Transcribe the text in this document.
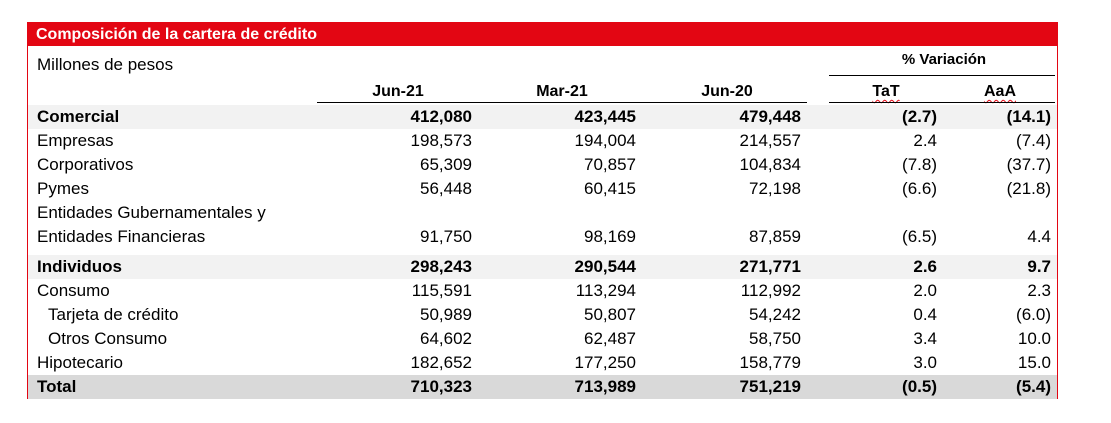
Composición de la cartera de crédito
Millones de pesos	% Variación
Jun-21	Mar-21	Jun-20	TaT	AaA
Comercial	412,080	423,445	479,448	(2.7)	(14.1)
Empresas	198,573	194,004	214,557	2.4	(7.4)
Corporativos	65,309	70,857	104,834	(7.8)	(37.7)
Pymes	56,448	60,415	72,198	(6.6)	(21.8)
Entidades Gubernamentales y
Entidades Financieras	91,750	98,169	87,859	(6.5)	4.4
Individuos	298,243	290,544	271,771	2.6	9.7
Consumo	115,591	113,294	112,992	2.0	2.3
Tarjeta de crédito	50,989	50,807	54,242	0.4	(6.0)
Otros Consumo	64,602	62,487	58,750	3.4	10.0
Hipotecario	182,652	177,250	158,779	3.0	15.0
Total	710,323	713,989	751,219	(0.5)	(5.4)
